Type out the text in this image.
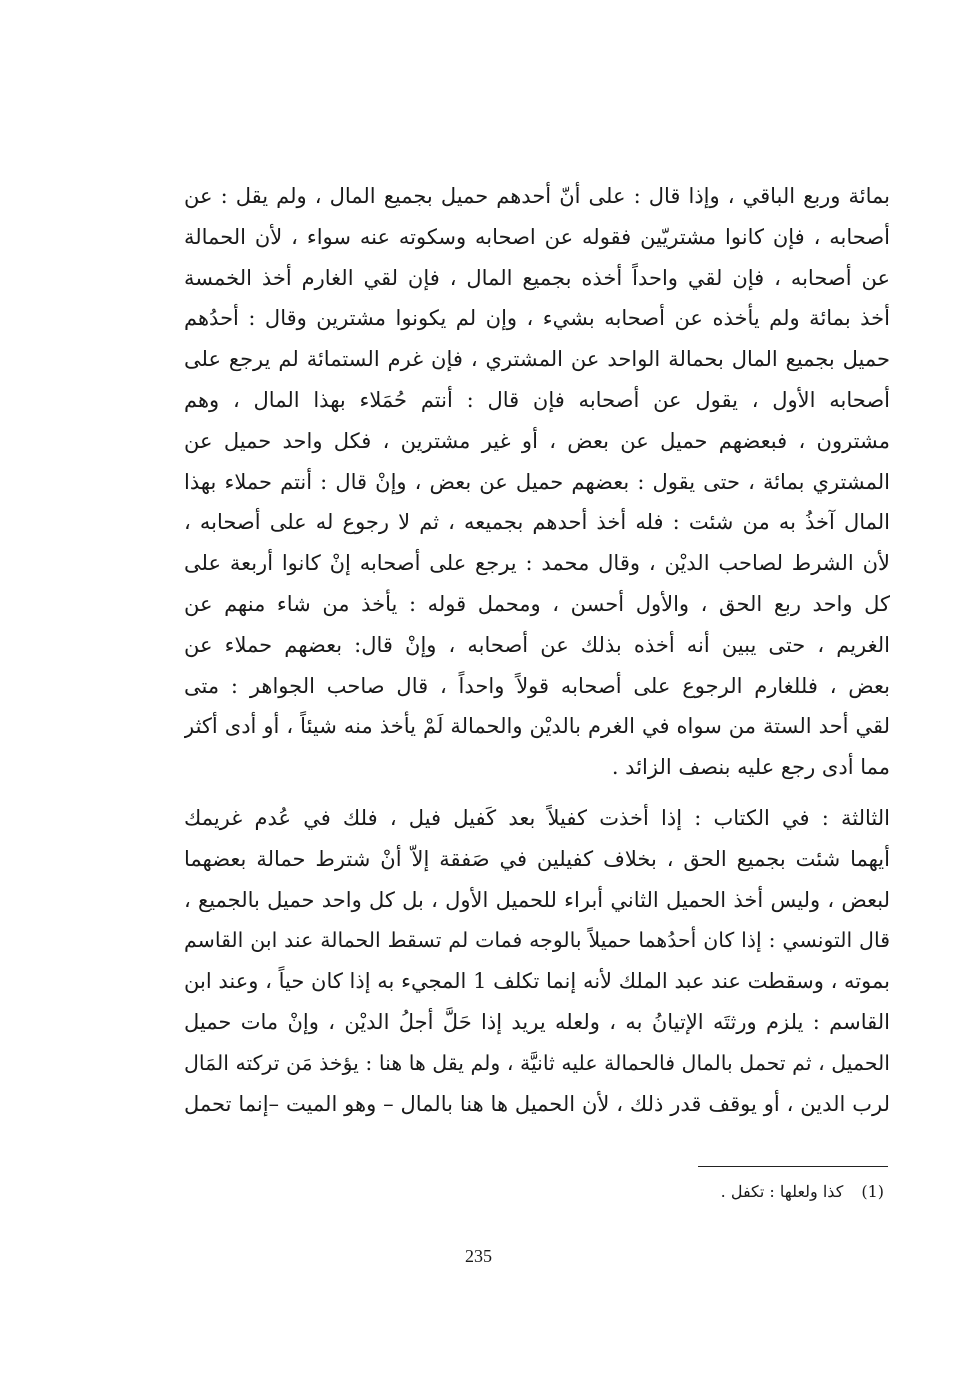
بمائة وربع الباقي ، وإذا قال : على أنّ أحدهم حميل بجميع المال ، ولم يقل : عن
أصحابه ، فإن كانوا مشتريّين فقوله عن اصحابه وسكوته عنه سواء ، لأن الحمالة
عن أصحابه ، فإن لقي واحداً أخذه بجميع المال ، فإن لقي الغارم أخذ الخمسة
أخذ بمائة ولم يأخذه عن أصحابه بشيء ، وإن لم يكونوا مشترين وقال : أحدُهم
حميل بجميع المال بحمالة الواحد عن المشتري ، فإن غرم الستمائة لم يرجع على
أصحابه الأول ، يقول عن أصحابه فإن قال : أنتم حُمَلاء بهذا المال ، وهم
مشترون ، فبعضهم حميل عن بعض ، أو غير مشترين ، فكل واحد حميل عن
المشتري بمائة ، حتى يقول : بعضهم حميل عن بعض ، وإنْ قال : أنتم حملاء بهذا
المال آخذُ به من شئت : فله أخذ أحدهم بجميعه ، ثم لا رجوع له على أصحابه ،
لأن الشرط لصاحب الديْن ، وقال محمد : يرجع على أصحابه إنْ كانوا أربعة على
كل واحد ربع الحق ، والأول أحسن ، ومحمل قوله : يأخذ من شاء منهم عن
الغريم ، حتى يبين أنه أخذه بذلك عن أصحابه ، وإنْ قال: بعضهم حملاء عن
بعض ، فللغارم الرجوع على أصحابه قولاً واحداً ، قال صاحب الجواهر : متى
لقي أحد الستة من سواه في الغرم بالديْن والحمالة لَمْ يأخذ منه شيئاً ، أو أدى أكثر
مما أدى رجع عليه بنصف الزائد .
الثالثة : في الكتاب : إذا أخذت كفيلاً بعد كَفيل فيل ، فلك في عُدم غريمك
أيهما شئت بجميع الحق ، بخلاف كفيلين في صَفقة إلاّ أنْ شترط حمالة بعضهما
لبعض ، وليس أخذ الحميل الثاني أبراء للحميل الأول ، بل كل واحد حميل بالجميع ،
قال التونسي : إذا كان أحدُهما حميلاً بالوجه فمات لم تسقط الحمالة عند ابن القاسم
بموته ، وسقطت عند عبد الملك لأنه إنما تكلف 1 المجيء به إذا كان حياً ، وعند ابن
القاسم : يلزم ورثتَه الإتيانُ به ، ولعله يريد إذا حَلَّ أجلُ الديْن ، وإنْ مات حميل
الحميل ، ثم تحمل بالمال فالحمالة عليه ثانيَّة ، ولم يقل ها هنا : يؤخذ مَن تركته المَال
لرب الدين ، أو يوقف قدر ذلك ، لأن الحميل ها هنا بالمال – وهو الميت –إنما تحمل
(1)كذا ولعلها : تكفل .
235
